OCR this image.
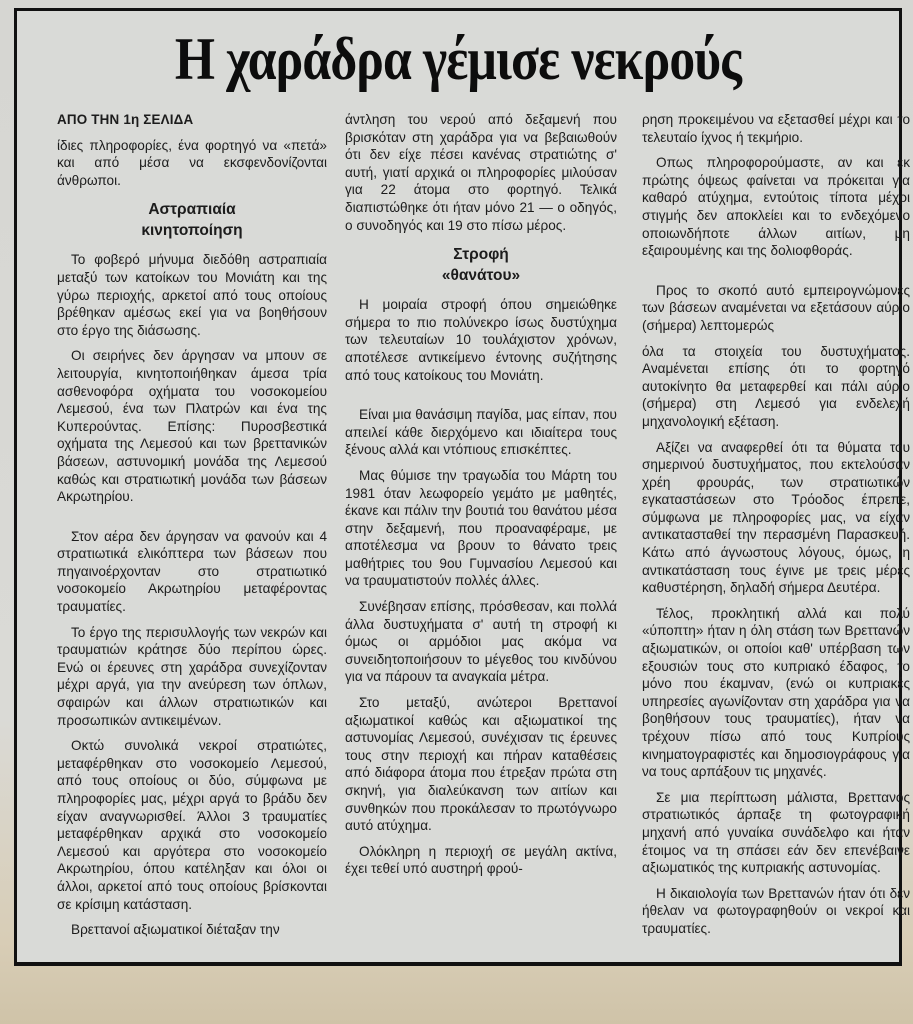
Η χαράδρα γέμισε νεκρούς

ΑΠΟ ΤΗΝ 1η ΣΕΛΙΔΑ

ίδιες πληροφορίες, ένα φορτηγό να «πετά» και από μέσα να εκσφενδονίζονται άνθρωποι.

Αστραπιαία
κινητοποίηση

Το φοβερό μήνυμα διεδόθη αστραπιαία μεταξύ των κατοίκων του Μονιάτη και της γύρω περιοχής, αρκετοί από τους οποίους βρέθηκαν αμέσως εκεί για να βοηθήσουν στο έργο της διάσωσης.

Οι σειρήνες δεν άργησαν να μπουν σε λειτουργία, κινητοποιήθηκαν άμεσα τρία ασθενοφόρα οχήματα του νοσοκομείου Λεμεσού, ένα των Πλατρών και ένα της Κυπερούντας. Επίσης: Πυροσβεστικά οχήματα της Λεμεσού και των βρεττανικών βάσεων, αστυνομική μονάδα της Λεμεσού καθώς και στρατιωτική μονάδα των βάσεων Ακρωτηρίου.

Στον αέρα δεν άργησαν να φανούν και 4 στρατιωτικά ελικόπτερα των βάσεων που πηγαινοέρχονταν στο στρατιωτικό νοσοκομείο Ακρωτηρίου μεταφέροντας τραυματίες.

Το έργο της περισυλλογής των νεκρών και τραυματιών κράτησε δύο περίπου ώρες. Ενώ οι έρευνες στη χαράδρα συνεχίζονταν μέχρι αργά, για την ανεύρεση των όπλων, σφαιρών και άλλων στρατιωτικών και προσωπικών αντικειμένων.

Οκτώ συνολικά νεκροί στρατιώτες, μεταφέρθηκαν στο νοσοκομείο Λεμεσού, από τους οποίους οι δύο, σύμφωνα με πληροφορίες μας, μέχρι αργά το βράδυ δεν είχαν αναγνωρισθεί. Άλλοι 3 τραυματίες μεταφέρθηκαν αρχικά στο νοσοκομείο Λεμεσού και αργότερα στο νοσοκομείο Ακρωτηρίου, όπου κατέληξαν και όλοι οι άλλοι, αρκετοί από τους οποίους βρίσκονται σε κρίσιμη κατάσταση.

Βρεττανοί αξιωματικοί διέταξαν την

άντληση του νερού από δεξαμενή που βρισκόταν στη χαράδρα για να βεβαιωθούν ότι δεν είχε πέσει κανένας στρατιώτης σ' αυτή, γιατί αρχικά οι πληροφορίες μιλούσαν για 22 άτομα στο φορτηγό. Τελικά διαπιστώθηκε ότι ήταν μόνο 21 — ο οδηγός, ο συνοδηγός και 19 στο πίσω μέρος.

Στροφή
«θανάτου»

Η μοιραία στροφή όπου σημειώθηκε σήμερα το πιο πολύνεκρο ίσως δυστύχημα των τελευταίων 10 τουλάχιστον χρόνων, αποτέλεσε αντικείμενο έντονης συζήτησης από τους κατοίκους του Μονιάτη.

Είναι μια θανάσιμη παγίδα, μας είπαν, που απειλεί κάθε διερχόμενο και ιδιαίτερα τους ξένους αλλά και ντόπιους επισκέπτες.

Μας θύμισε την τραγωδία του Μάρτη του 1981 όταν λεωφορείο γεμάτο με μαθητές, έκανε και πάλιν την βουτιά του θανάτου μέσα στην δεξαμενή, που προαναφέραμε, με αποτέλεσμα να βρουν το θάνατο τρεις μαθήτριες του 9ου Γυμνασίου Λεμεσού και να τραυματιστούν πολλές άλλες.

Συνέβησαν επίσης, πρόσθεσαν, και πολλά άλλα δυστυχήματα σ' αυτή τη στροφή κι όμως οι αρμόδιοι μας ακόμα να συνειδητοποιήσουν το μέγεθος του κινδύνου για να πάρουν τα αναγκαία μέτρα.

Στο μεταξύ, ανώτεροι Βρεττανοί αξιωματικοί καθώς και αξιωματικοί της αστυνομίας Λεμεσού, συνέχισαν τις έρευνες τους στην περιοχή και πήραν καταθέσεις από διάφορα άτομα που έτρεξαν πρώτα στη σκηνή, για διαλεύκανση των αιτίων και συνθηκών που προκάλεσαν το πρωτόγνωρο αυτό ατύχημα.

Ολόκληρη η περιοχή σε μεγάλη ακτίνα, έχει τεθεί υπό αυστηρή φρού-

ρηση προκειμένου να εξετασθεί μέχρι και το τελευταίο ίχνος ή τεκμήριο.

Οπως πληροφορούμαστε, αν και εκ πρώτης όψεως φαίνεται να πρόκειται για καθαρό ατύχημα, εντούτοις τίποτα μέχρι στιγμής δεν αποκλείει και το ενδεχόμενο οποιωνδήποτε άλλων αιτίων, μη εξαιρουμένης και της δολιοφθοράς.

Προς το σκοπό αυτό εμπειρογνώμονες των βάσεων αναμένεται να εξετάσουν αύριο (σήμερα) λεπτομερώς

όλα τα στοιχεία του δυστυχήματος. Αναμένεται επίσης ότι το φορτηγό αυτοκίνητο θα μεταφερθεί και πάλι αύριο (σήμερα) στη Λεμεσό για ενδελεχή μηχανολογική εξέταση.

Αξίζει να αναφερθεί ότι τα θύματα του σημερινού δυστυχήματος, που εκτελούσαν χρέη φρουράς, των στρατιωτικών εγκαταστάσεων στο Τρόοδος έπρεπε, σύμφωνα με πληροφορίες μας, να είχαν αντικατασταθεί την περασμένη Παρασκευή. Κάτω από άγνωστους λόγους, όμως, η αντικατάσταση τους έγινε με τρεις μέρες καθυστέρηση, δηλαδή σήμερα Δευτέρα.

Τέλος, προκλητική αλλά και πολύ «ύποπτη» ήταν η όλη στάση των Βρεττανών αξιωματικών, οι οποίοι καθ' υπέρβαση των εξουσιών τους στο κυπριακό έδαφος, το μόνο που έκαμναν, (ενώ οι κυπριακές υπηρεσίες αγωνίζονταν στη χαράδρα για να βοηθήσουν τους τραυματίες), ήταν να τρέχουν πίσω από τους Κυπρίους κινηματογραφιστές και δημοσιογράφους για να τους αρπάξουν τις μηχανές.

Σε μια περίπτωση μάλιστα, Βρεττανός στρατιωτικός άρπαξε τη φωτογραφική μηχανή από γυναίκα συνάδελφο και ήταν έτοιμος να τη σπάσει εάν δεν επενέβαινε αξιωματικός της κυπριακής αστυνομίας.

Η δικαιολογία των Βρεττανών ήταν ότι δεν ήθελαν να φωτογραφηθούν οι νεκροί και τραυματίες.
